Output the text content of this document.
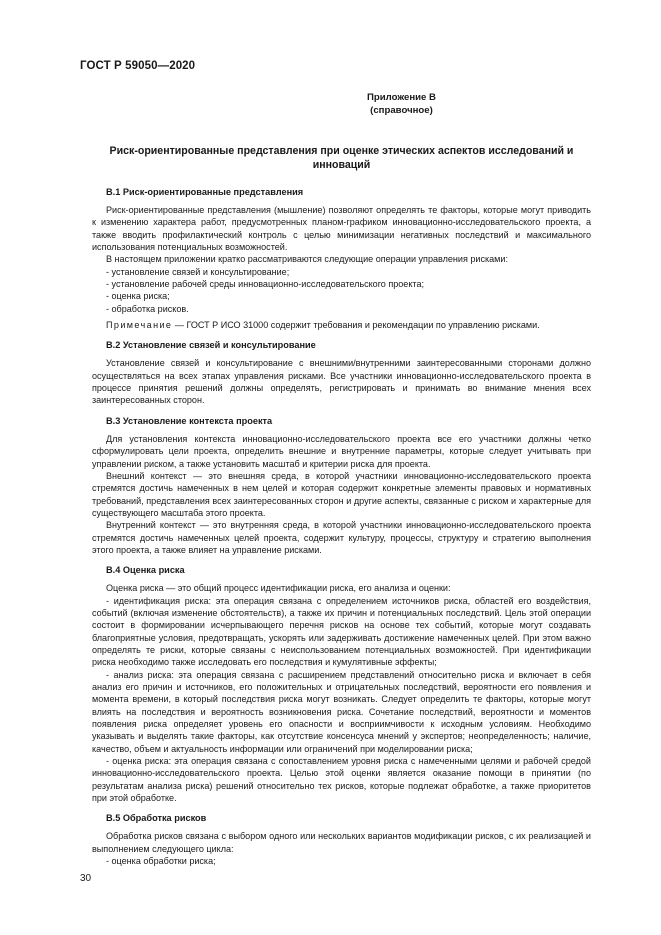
ГОСТ Р 59050—2020

Приложение В

(справочное)

Риск-ориентированные представления при оценке этических аспектов исследований и инноваций

В.1 Риск-ориентированные представления

Риск-ориентированные представления (мышление) позволяют определять те факторы, которые могут приводить к изменению характера работ, предусмотренных планом-графиком инновационно-исследовательского проекта, а также вводить профилактический контроль с целью минимизации негативных последствий и максимального использования потенциальных возможностей.

В настоящем приложении кратко рассматриваются следующие операции управления рисками:

- установление связей и консультирование;

- установление рабочей среды инновационно-исследовательского проекта;

- оценка риска;

- обработка рисков.

Примечание — ГОСТ Р ИСО 31000 содержит требования и рекомендации по управлению рисками.

В.2 Установление связей и консультирование

Установление связей и консультирование с внешними/внутренними заинтересованными сторонами должно осуществляться на всех этапах управления рисками. Все участники инновационно-исследовательского проекта в процессе принятия решений должны определять, регистрировать и принимать во внимание мнения всех заинтересованных сторон.

В.3 Установление контекста проекта

Для установления контекста инновационно-исследовательского проекта все его участники должны четко сформулировать цели проекта, определить внешние и внутренние параметры, которые следует учитывать при управлении риском, а также установить масштаб и критерии риска для проекта.

Внешний контекст — это внешняя среда, в которой участники инновационно-исследовательского проекта стремятся достичь намеченных в нем целей и которая содержит конкретные элементы правовых и нормативных требований, представления всех заинтересованных сторон и другие аспекты, связанные с риском и характерные для существующего масштаба этого проекта.

Внутренний контекст — это внутренняя среда, в которой участники инновационно-исследовательского проекта стремятся достичь намеченных целей проекта, содержит культуру, процессы, структуру и стратегию выполнения этого проекта, а также влияет на управление рисками.

В.4 Оценка риска

Оценка риска — это общий процесс идентификации риска, его анализа и оценки:

- идентификация риска: эта операция связана с определением источников риска, областей его воздействия, событий (включая изменение обстоятельств), а также их причин и потенциальных последствий. Цель этой операции состоит в формировании исчерпывающего перечня рисков на основе тех событий, которые могут создавать благоприятные условия, предотвращать, ускорять или задерживать достижение намеченных целей. При этом важно определять те риски, которые связаны с неиспользованием потенциальных возможностей. При идентификации риска необходимо также исследовать его последствия и кумулятивные эффекты;

- анализ риска: эта операция связана с расширением представлений относительно риска и включает в себя анализ его причин и источников, его положительных и отрицательных последствий, вероятности его появления и момента времени, в который последствия риска могут возникать. Следует определить те факторы, которые могут влиять на последствия и вероятность возникновения риска. Сочетание последствий, вероятности и моментов появления риска определяет уровень его опасности и восприимчивости к исходным условиям. Необходимо указывать и выделять такие факторы, как отсутствие консенсуса мнений у экспертов; неопределенность; наличие, качество, объем и актуальность информации или ограничений при моделировании риска;

- оценка риска: эта операция связана с сопоставлением уровня риска с намеченными целями и рабочей средой инновационно-исследовательского проекта. Целью этой оценки является оказание помощи в принятии (по результатам анализа риска) решений относительно тех рисков, которые подлежат обработке, а также приоритетов при этой обработке.

В.5 Обработка рисков

Обработка рисков связана с выбором одного или нескольких вариантов модификации рисков, с их реализацией и выполнением следующего цикла:

- оценка обработки риска;

30
